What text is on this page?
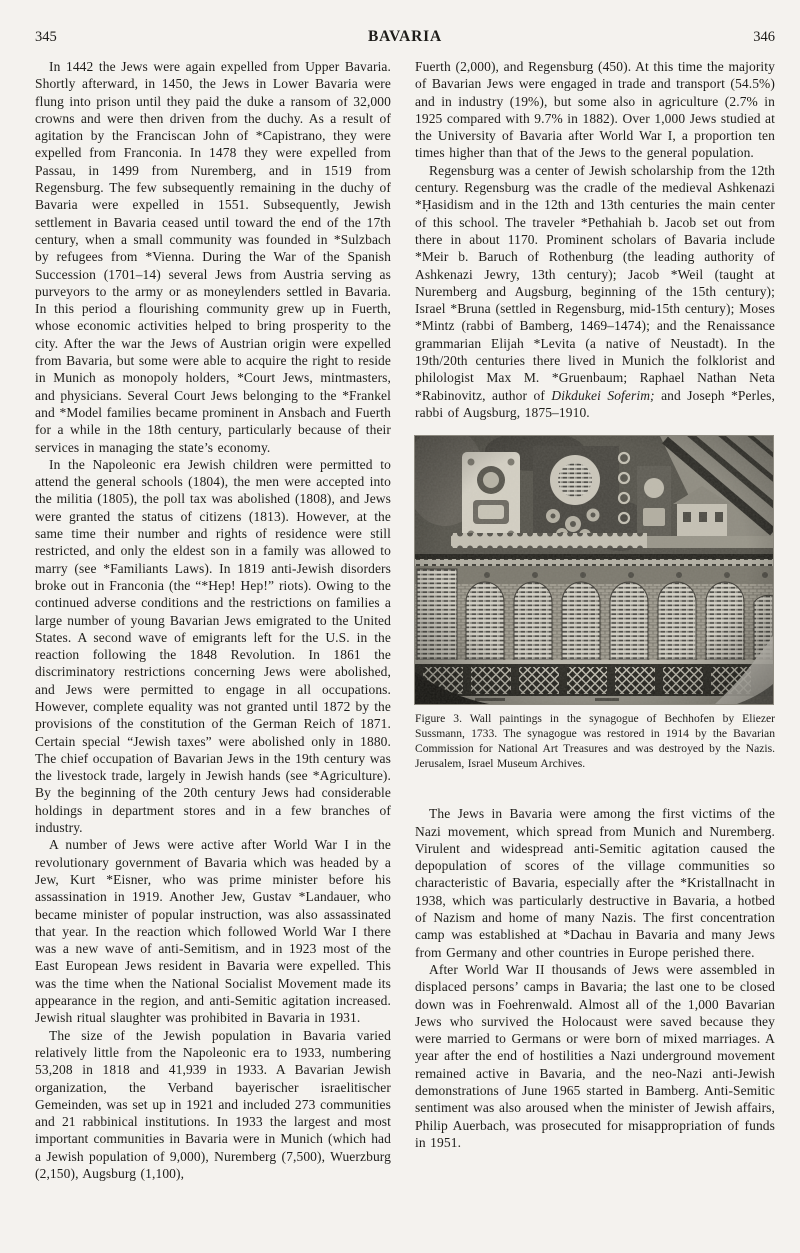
345	BAVARIA	346

In 1442 the Jews were again expelled from Upper Bavaria. Shortly afterward, in 1450, the Jews in Lower Bavaria were flung into prison until they paid the duke a ransom of 32,000 crowns and were then driven from the duchy. As a result of agitation by the Franciscan John of *Capistrano, they were expelled from Franconia. In 1478 they were expelled from Passau, in 1499 from Nuremberg, and in 1519 from Regensburg. The few subsequently remaining in the duchy of Bavaria were expelled in 1551. Subsequently, Jewish settlement in Bavaria ceased until toward the end of the 17th century, when a small community was founded in *Sulzbach by refugees from *Vienna. During the War of the Spanish Succession (1701–14) several Jews from Austria serving as purveyors to the army or as moneylenders settled in Bavaria. In this period a flourishing community grew up in Fuerth, whose economic activities helped to bring prosperity to the city. After the war the Jews of Austrian origin were expelled from Bavaria, but some were able to acquire the right to reside in Munich as monopoly holders, *Court Jews, mintmasters, and physicians. Several Court Jews belonging to the *Frankel and *Model families became prominent in Ansbach and Fuerth for a while in the 18th century, particularly because of their services in managing the state’s economy.

In the Napoleonic era Jewish children were permitted to attend the general schools (1804), the men were accepted into the militia (1805), the poll tax was abolished (1808), and Jews were granted the status of citizens (1813). However, at the same time their number and rights of residence were still restricted, and only the eldest son in a family was allowed to marry (see *Familiants Laws). In 1819 anti-Jewish disorders broke out in Franconia (the “*Hep! Hep!” riots). Owing to the continued adverse conditions and the restrictions on families a large number of young Bavarian Jews emigrated to the United States. A second wave of emigrants left for the U.S. in the reaction following the 1848 Revolution. In 1861 the discriminatory restrictions concerning Jews were abolished, and Jews were permitted to engage in all occupations. However, complete equality was not granted until 1872 by the provisions of the constitution of the German Reich of 1871. Certain special “Jewish taxes” were abolished only in 1880. The chief occupation of Bavarian Jews in the 19th century was the livestock trade, largely in Jewish hands (see *Agriculture). By the beginning of the 20th century Jews had considerable holdings in department stores and in a few branches of industry.

A number of Jews were active after World War I in the revolutionary government of Bavaria which was headed by a Jew, Kurt *Eisner, who was prime minister before his assassination in 1919. Another Jew, Gustav *Landauer, who became minister of popular instruction, was also assassinated that year. In the reaction which followed World War I there was a new wave of anti-Semitism, and in 1923 most of the East European Jews resident in Bavaria were expelled. This was the time when the National Socialist Movement made its appearance in the region, and anti-Semitic agitation increased. Jewish ritual slaughter was prohibited in Bavaria in 1931.

The size of the Jewish population in Bavaria varied relatively little from the Napoleonic era to 1933, numbering 53,208 in 1818 and 41,939 in 1933. A Bavarian Jewish organization, the Verband bayerischer israelitischer Gemeinden, was set up in 1921 and included 273 communities and 21 rabbinical institutions. In 1933 the largest and most important communities in Bavaria were in Munich (which had a Jewish population of 9,000), Nuremberg (7,500), Wuerzburg (2,150), Augsburg (1,100),

Fuerth (2,000), and Regensburg (450). At this time the majority of Bavarian Jews were engaged in trade and transport (54.5%) and in industry (19%), but some also in agriculture (2.7% in 1925 compared with 9.7% in 1882). Over 1,000 Jews studied at the University of Bavaria after World War I, a proportion ten times higher than that of the Jews to the general population.

Regensburg was a center of Jewish scholarship from the 12th century. Regensburg was the cradle of the medieval Ashkenazi *Ḥasidism and in the 12th and 13th centuries the main center of this school. The traveler *Pethahiah b. Jacob set out from there in about 1170. Prominent scholars of Bavaria include *Meir b. Baruch of Rothenburg (the leading authority of Ashkenazi Jewry, 13th century); Jacob *Weil (taught at Nuremberg and Augsburg, beginning of the 15th century); Israel *Bruna (settled in Regensburg, mid-15th century); Moses *Mintz (rabbi of Bamberg, 1469–1474); and the Renaissance grammarian Elijah *Levita (a native of Neustadt). In the 19th/20th centuries there lived in Munich the folklorist and philologist Max M. *Gruenbaum; Raphael Nathan Neta *Rabinovitz, author of Dikdukei Soferim; and Joseph *Perles, rabbi of Augsburg, 1875–1910.

Figure 3. Wall paintings in the synagogue of Bechhofen by Eliezer Sussmann, 1733. The synagogue was restored in 1914 by the Bavarian Commission for National Art Treasures and was destroyed by the Nazis. Jerusalem, Israel Museum Archives.

The Jews in Bavaria were among the first victims of the Nazi movement, which spread from Munich and Nuremberg. Virulent and widespread anti-Semitic agitation caused the depopulation of scores of the village communities so characteristic of Bavaria, especially after the *Kristallnacht in 1938, which was particularly destructive in Bavaria, a hotbed of Nazism and home of many Nazis. The first concentration camp was established at *Dachau in Bavaria and many Jews from Germany and other countries in Europe perished there.

After World War II thousands of Jews were assembled in displaced persons’ camps in Bavaria; the last one to be closed down was in Foehrenwald. Almost all of the 1,000 Bavarian Jews who survived the Holocaust were saved because they were married to Germans or were born of mixed marriages. A year after the end of hostilities a Nazi underground movement remained active in Bavaria, and the neo-Nazi anti-Jewish demonstrations of June 1965 started in Bamberg. Anti-Semitic sentiment was also aroused when the minister of Jewish affairs, Philip Auerbach, was prosecuted for misappropriation of funds in 1951.
